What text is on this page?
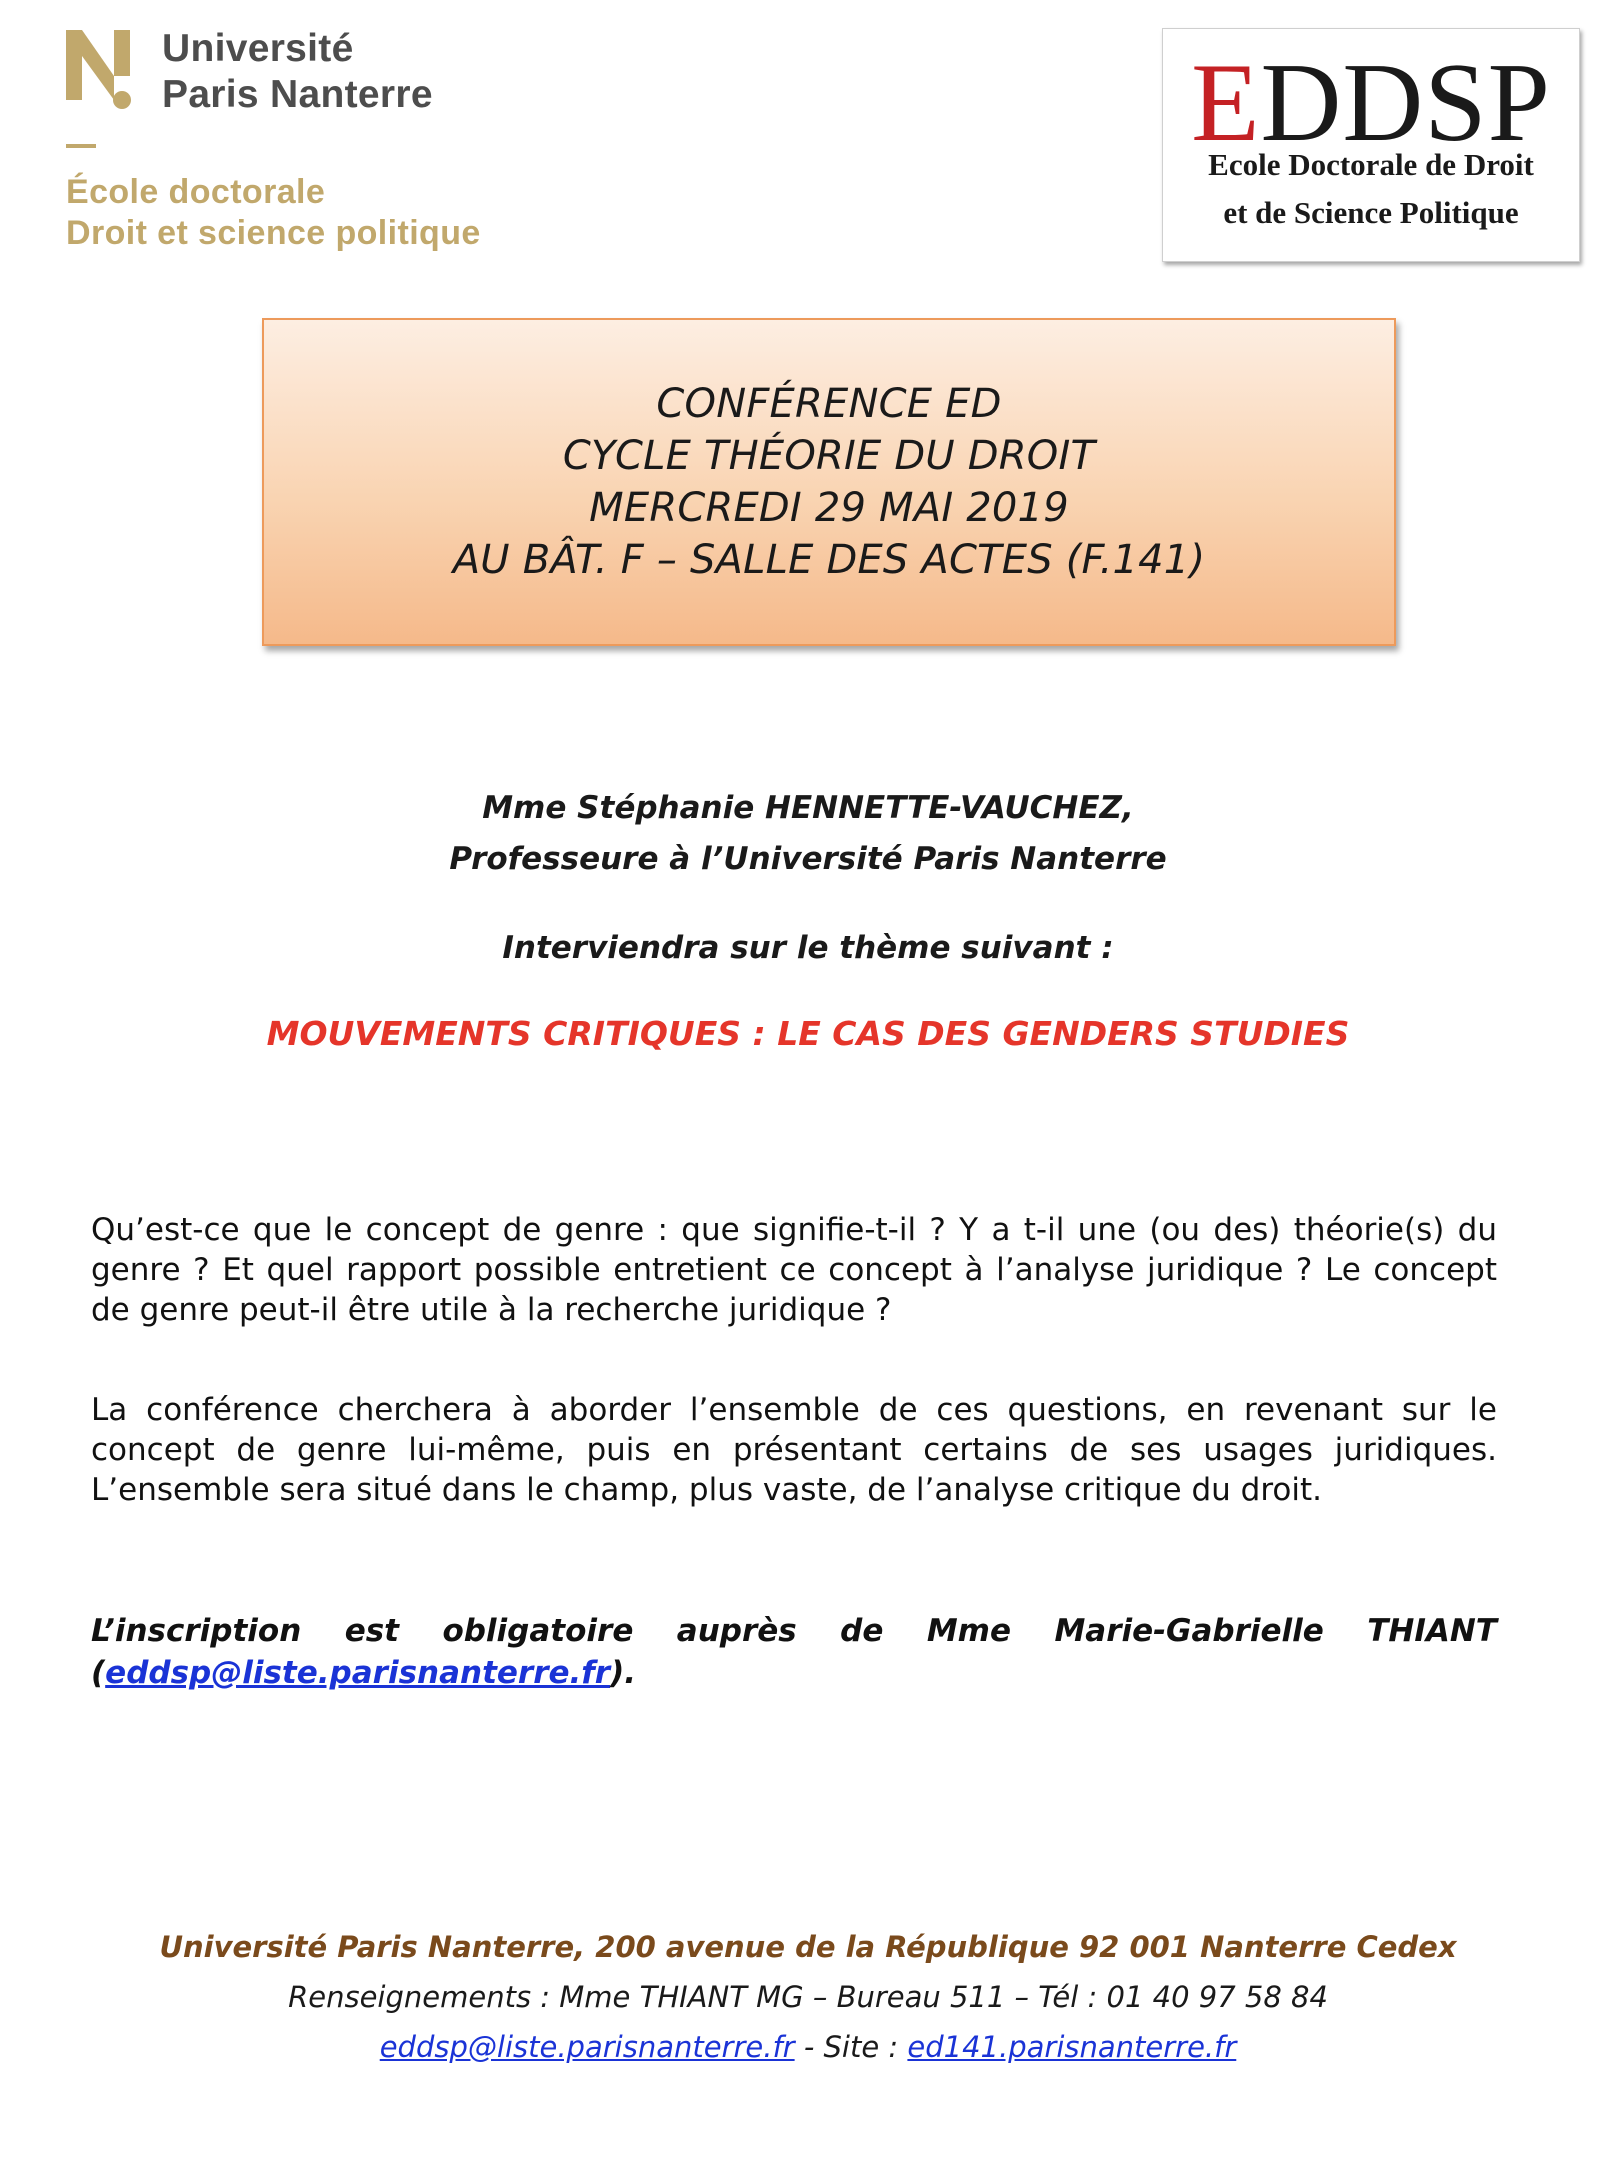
Université
Paris Nanterre
École doctorale
Droit et science politique
EDDSP
Ecole Doctorale de Droit
et de Science Politique
CONFÉRENCE ED
CYCLE THÉORIE DU DROIT
MERCREDI 29 MAI 2019
AU BÂT. F – SALLE DES ACTES (F.141)
Mme Stéphanie HENNETTE-VAUCHEZ,
Professeure à l’Université Paris Nanterre
Interviendra sur le thème suivant :
MOUVEMENTS CRITIQUES : LE CAS DES GENDERS STUDIES
Qu’est-ce que le concept de genre : que signifie-t-il ? Y a t-il une (ou des) théorie(s) du genre ? Et quel rapport possible entretient ce concept à l’analyse juridique ? Le concept de genre peut-il être utile à la recherche juridique ?
La conférence cherchera à aborder l’ensemble de ces questions, en revenant sur le concept de genre lui-même, puis en présentant certains de ses usages juridiques. L’ensemble sera situé dans le champ, plus vaste, de l’analyse critique du droit.
L’inscription est obligatoire auprès de Mme Marie-Gabrielle THIANT
(eddsp@liste.parisnanterre.fr).
Université Paris Nanterre, 200 avenue de la République 92 001 Nanterre Cedex
Renseignements : Mme THIANT MG – Bureau 511 – Tél : 01 40 97 58 84
eddsp@liste.parisnanterre.fr - Site : ed141.parisnanterre.fr
